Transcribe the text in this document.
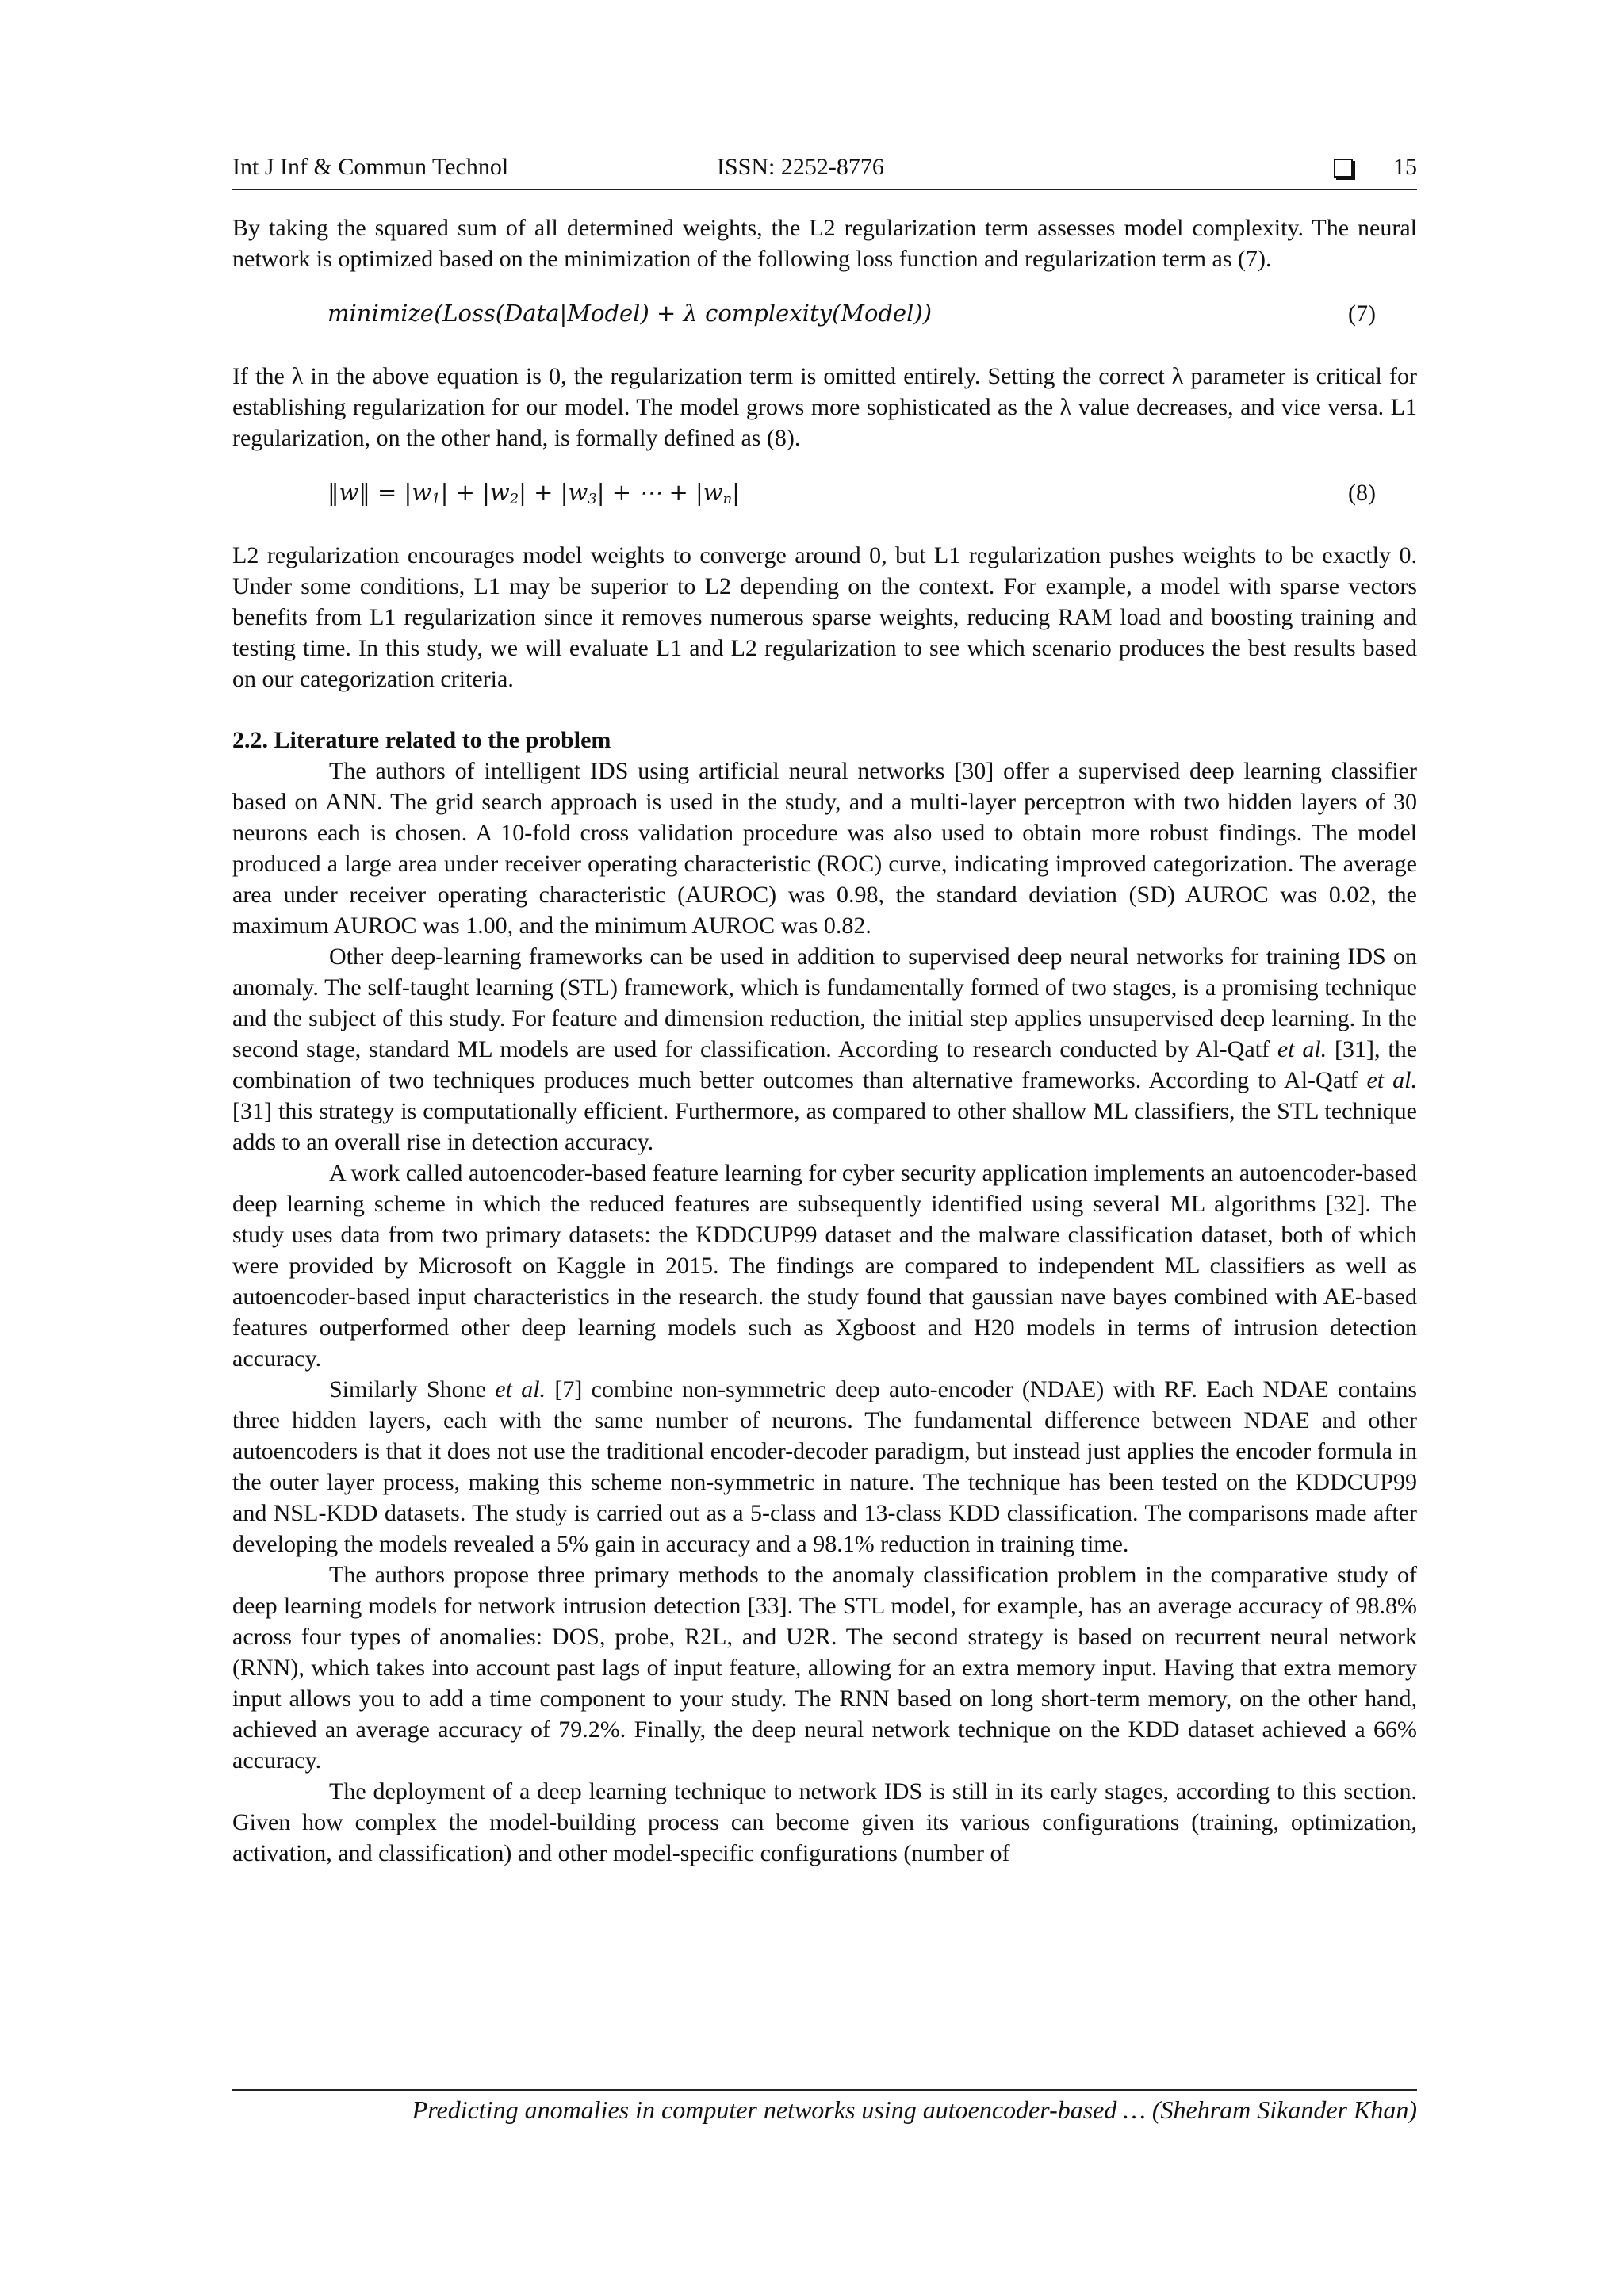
Int J Inf & Commun Technol	ISSN: 2252-8776	15

By taking the squared sum of all determined weights, the L2 regularization term assesses model complexity. The neural network is optimized based on the minimization of the following loss function and regularization term as (7).

minimize(Loss(Data|Model) + λ complexity(Model))	(7)

If the λ in the above equation is 0, the regularization term is omitted entirely. Setting the correct λ parameter is critical for establishing regularization for our model. The model grows more sophisticated as the λ value decreases, and vice versa. L1 regularization, on the other hand, is formally defined as (8).

‖w‖ = $|w_1| + |w_2| + |w_3|$ + ⋯ + $|w_n|$	(8)

L2 regularization encourages model weights to converge around 0, but L1 regularization pushes weights to be exactly 0. Under some conditions, L1 may be superior to L2 depending on the context. For example, a model with sparse vectors benefits from L1 regularization since it removes numerous sparse weights, reducing RAM load and boosting training and testing time. In this study, we will evaluate L1 and L2 regularization to see which scenario produces the best results based on our categorization criteria.

2.2. Literature related to the problem

The authors of intelligent IDS using artificial neural networks [30] offer a supervised deep learning classifier based on ANN. The grid search approach is used in the study, and a multi-layer perceptron with two hidden layers of 30 neurons each is chosen. A 10-fold cross validation procedure was also used to obtain more robust findings. The model produced a large area under receiver operating characteristic (ROC) curve, indicating improved categorization. The average area under receiver operating characteristic (AUROC) was 0.98, the standard deviation (SD) AUROC was 0.02, the maximum AUROC was 1.00, and the minimum AUROC was 0.82.

Other deep-learning frameworks can be used in addition to supervised deep neural networks for training IDS on anomaly. The self-taught learning (STL) framework, which is fundamentally formed of two stages, is a promising technique and the subject of this study. For feature and dimension reduction, the initial step applies unsupervised deep learning. In the second stage, standard ML models are used for classification. According to research conducted by Al-Qatf et al. [31], the combination of two techniques produces much better outcomes than alternative frameworks. According to Al-Qatf et al. [31] this strategy is computationally efficient. Furthermore, as compared to other shallow ML classifiers, the STL technique adds to an overall rise in detection accuracy.

A work called autoencoder-based feature learning for cyber security application implements an autoencoder-based deep learning scheme in which the reduced features are subsequently identified using several ML algorithms [32]. The study uses data from two primary datasets: the KDDCUP99 dataset and the malware classification dataset, both of which were provided by Microsoft on Kaggle in 2015. The findings are compared to independent ML classifiers as well as autoencoder-based input characteristics in the research. the study found that gaussian nave bayes combined with AE-based features outperformed other deep learning models such as Xgboost and H20 models in terms of intrusion detection accuracy.

Similarly Shone et al. [7] combine non-symmetric deep auto-encoder (NDAE) with RF. Each NDAE contains three hidden layers, each with the same number of neurons. The fundamental difference between NDAE and other autoencoders is that it does not use the traditional encoder-decoder paradigm, but instead just applies the encoder formula in the outer layer process, making this scheme non-symmetric in nature. The technique has been tested on the KDDCUP99 and NSL-KDD datasets. The study is carried out as a 5-class and 13-class KDD classification. The comparisons made after developing the models revealed a 5% gain in accuracy and a 98.1% reduction in training time.

The authors propose three primary methods to the anomaly classification problem in the comparative study of deep learning models for network intrusion detection [33]. The STL model, for example, has an average accuracy of 98.8% across four types of anomalies: DOS, probe, R2L, and U2R. The second strategy is based on recurrent neural network (RNN), which takes into account past lags of input feature, allowing for an extra memory input. Having that extra memory input allows you to add a time component to your study. The RNN based on long short-term memory, on the other hand, achieved an average accuracy of 79.2%. Finally, the deep neural network technique on the KDD dataset achieved a 66% accuracy.

The deployment of a deep learning technique to network IDS is still in its early stages, according to this section. Given how complex the model-building process can become given its various configurations (training, optimization, activation, and classification) and other model-specific configurations (number of

Predicting anomalies in computer networks using autoencoder-based … (Shehram Sikander Khan)
